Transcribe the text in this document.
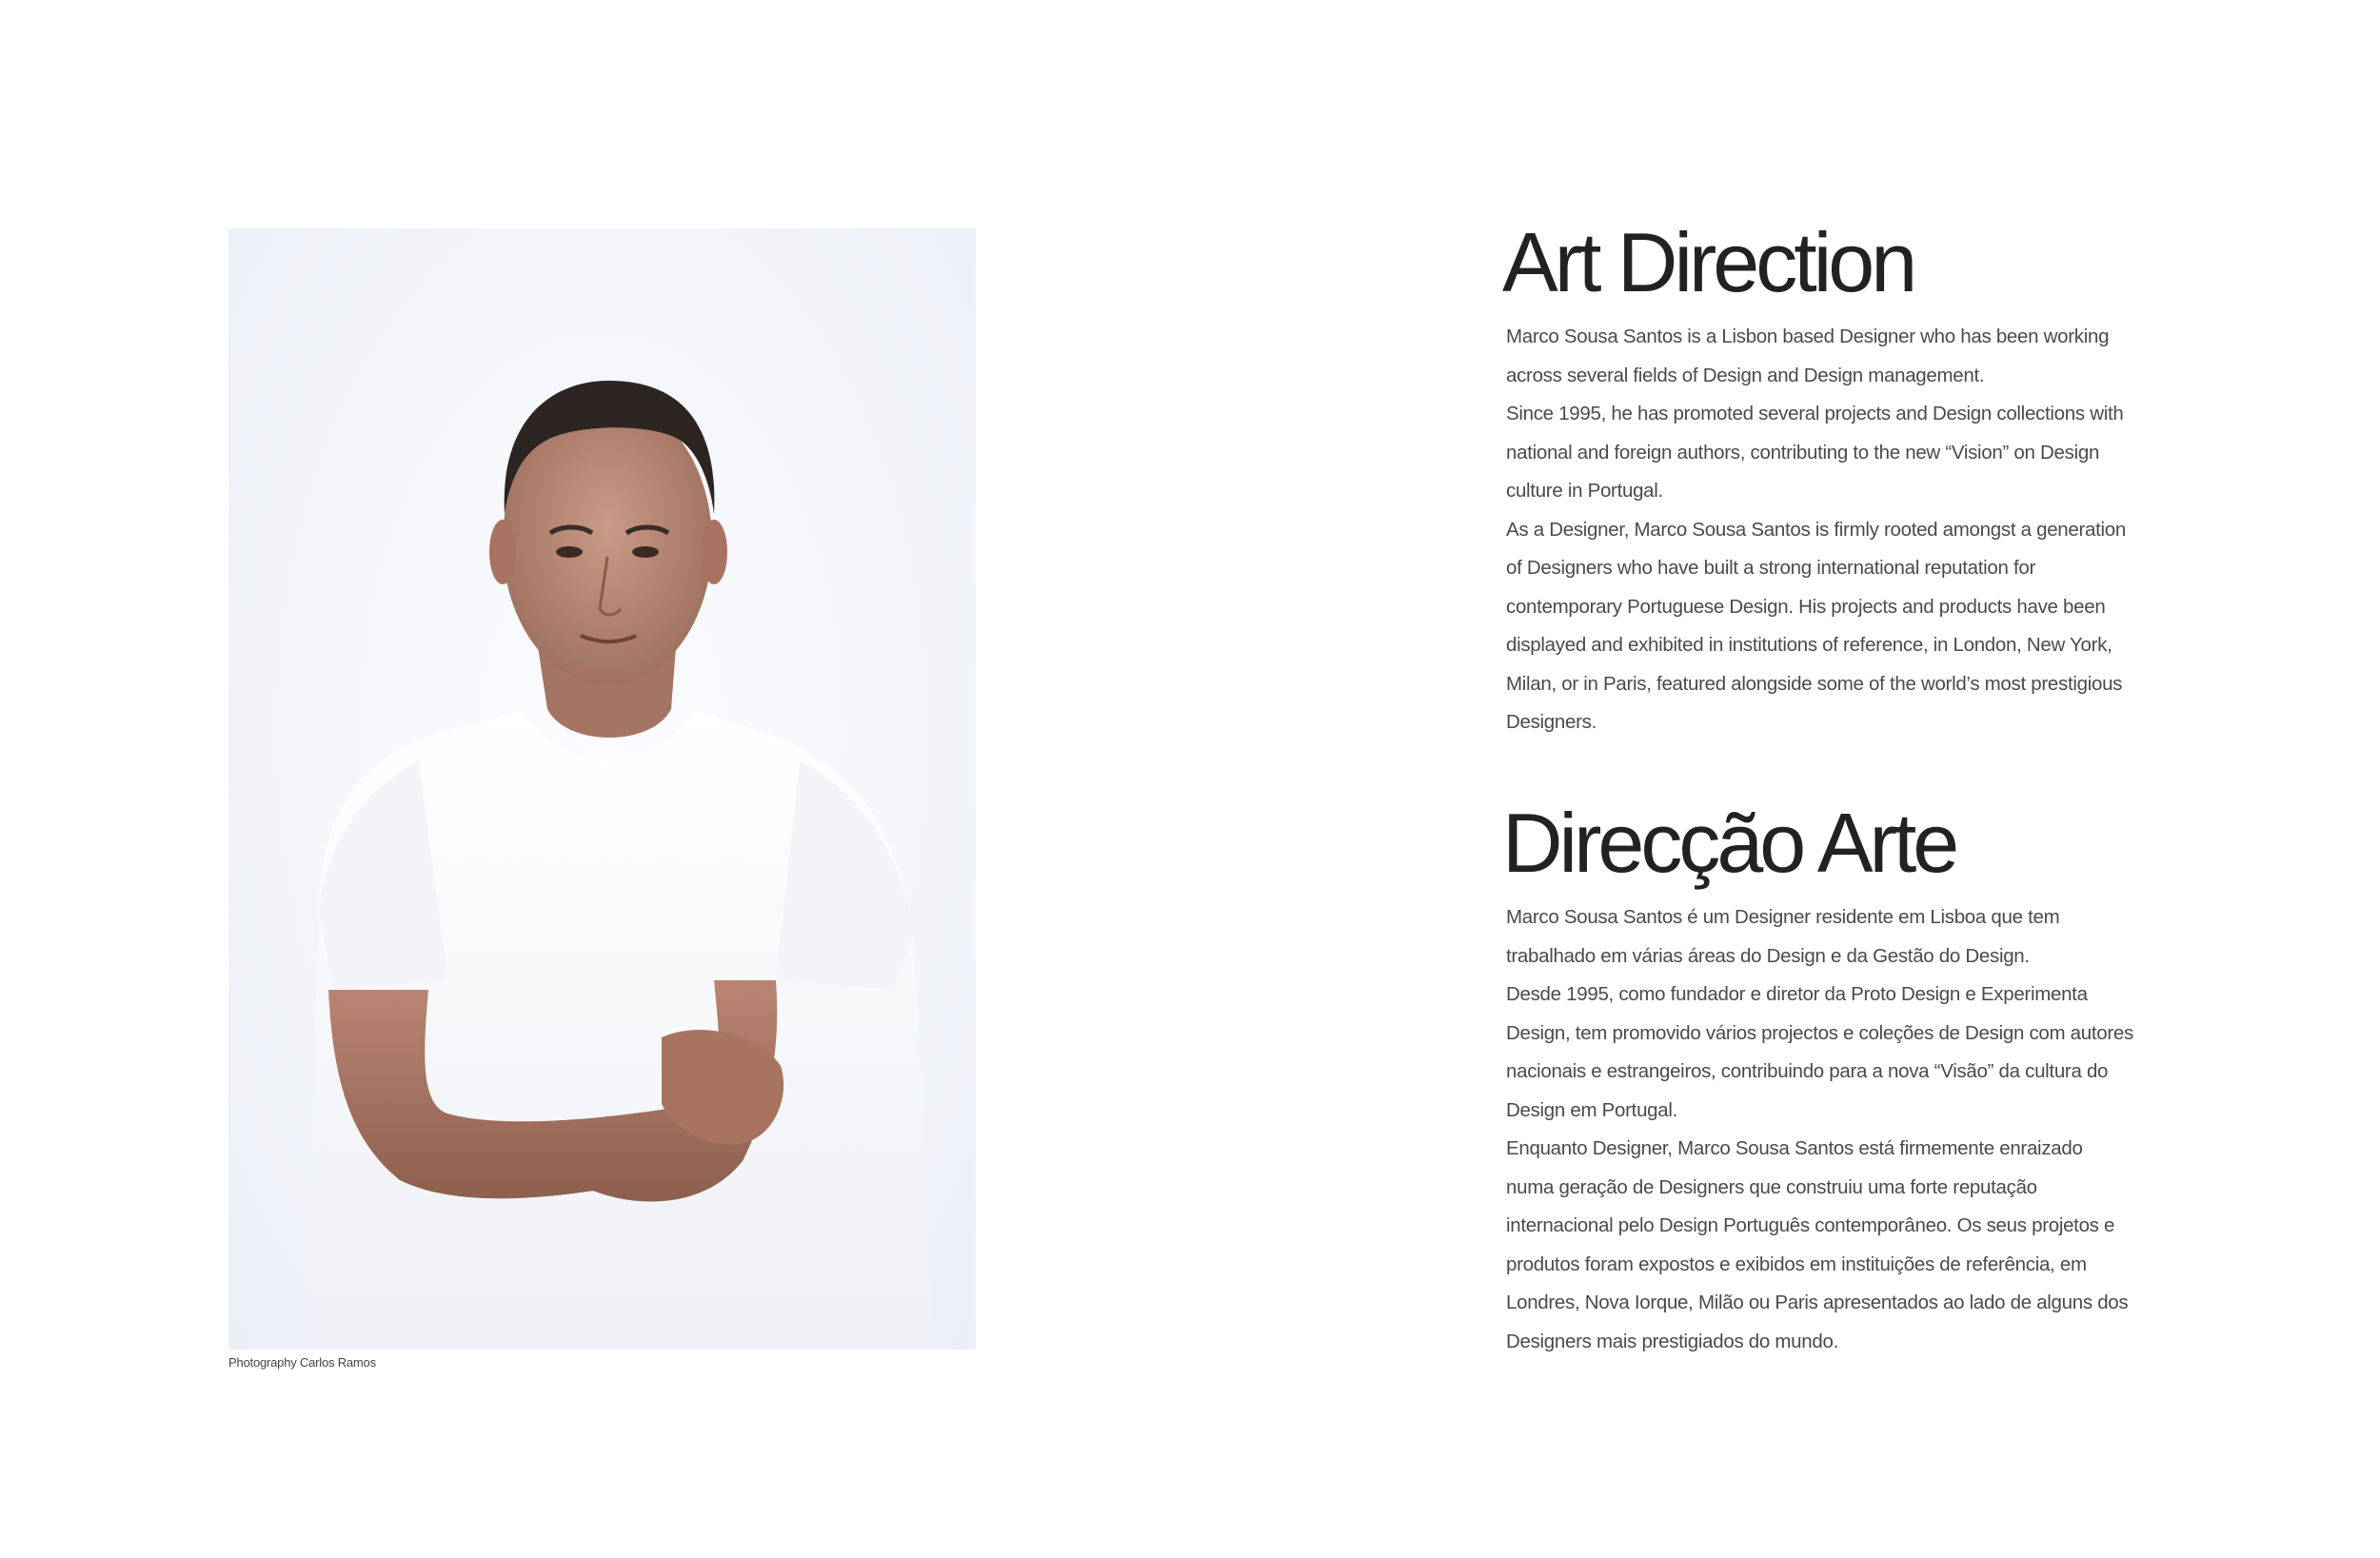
Photography Carlos Ramos
Art Direction

Marco Sousa Santos is a Lisbon based Designer who has been working across several fields of Design and Design management.

Since 1995, he has promoted several projects and Design collections with national and foreign authors, contributing to the new “Vision” on Design culture in Portugal.

As a Designer, Marco Sousa Santos is firmly rooted amongst a generation of Designers who have built a strong international reputation for contemporary Portuguese Design. His projects and products have been displayed and exhibited in institutions of reference, in London, New York, Milan, or in Paris, featured alongside some of the world’s most prestigious Designers.

Direcção Arte

Marco Sousa Santos é um Designer residente em Lisboa que tem trabalhado em várias áreas do Design e da Gestão do Design.

Desde 1995, como fundador e diretor da Proto Design e Experimenta Design, tem promovido vários projectos e coleções de Design com autores nacionais e estrangeiros, contribuindo para a nova “Visão” da cultura do Design em Portugal.

Enquanto Designer, Marco Sousa Santos está firmemente enraizado numa geração de Designers que construiu uma forte reputação internacional pelo Design Português contemporâneo. Os seus projetos e produtos foram expostos e exibidos em instituições de referência, em Londres, Nova Iorque, Milão ou Paris apresentados ao lado de alguns dos Designers mais prestigiados do mundo.
